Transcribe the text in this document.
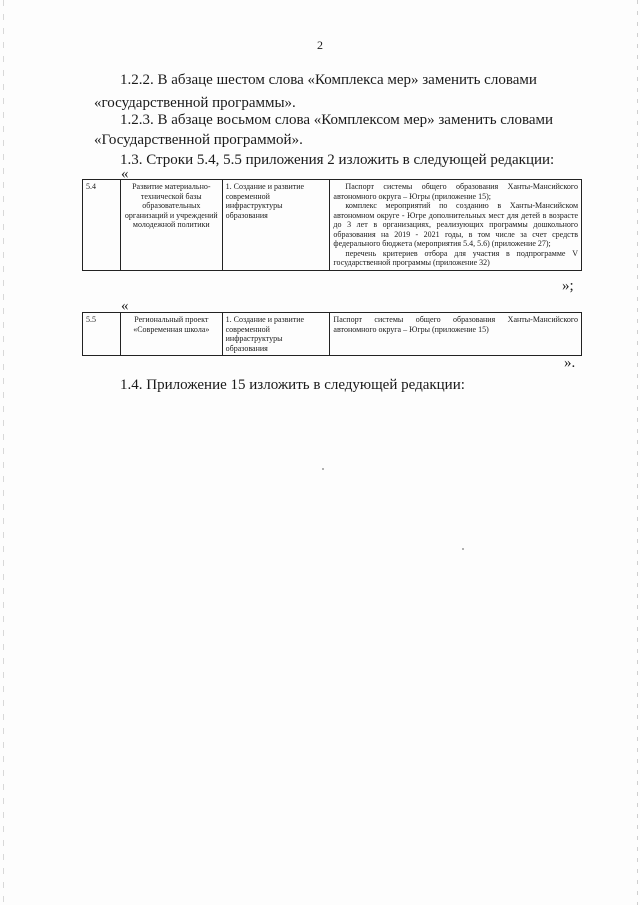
2
1.2.2. В абзаце шестом слова «Комплекса мер» заменить словами
«государственной программы».
1.2.3. В абзаце восьмом слова «Комплексом мер» заменить словами
«Государственной программой».
1.3. Строки 5.4, 5.5 приложения 2 изложить в следующей редакции:
«
5.4	Развитие материально-технической базы образовательных организаций и учреждений молодежной политики	1. Создание и развитие современной инфраструктуры образования	
Паспорт системы общего образования Ханты-Мансийского автономного округа – Югры (приложение 15);
комплекс мероприятий по созданию в Ханты-Мансийском автономном округе - Югре дополнительных мест для детей в возрасте до 3 лет в организациях, реализующих программы дошкольного образования на 2019 - 2021 годы, в том числе за счет средств федерального бюджета (мероприятия 5.4, 5.6) (приложение 27);
перечень критериев отбора для участия в подпрограмме V государственной программы (приложение 32)
»;
«
5.5	Региональный проект «Современная школа»	1. Создание и развитие современной инфраструктуры образования	Паспорт системы общего образования Ханты-Мансийского автономного округа – Югры (приложение 15)
».
1.4. Приложение 15 изложить в следующей редакции:
